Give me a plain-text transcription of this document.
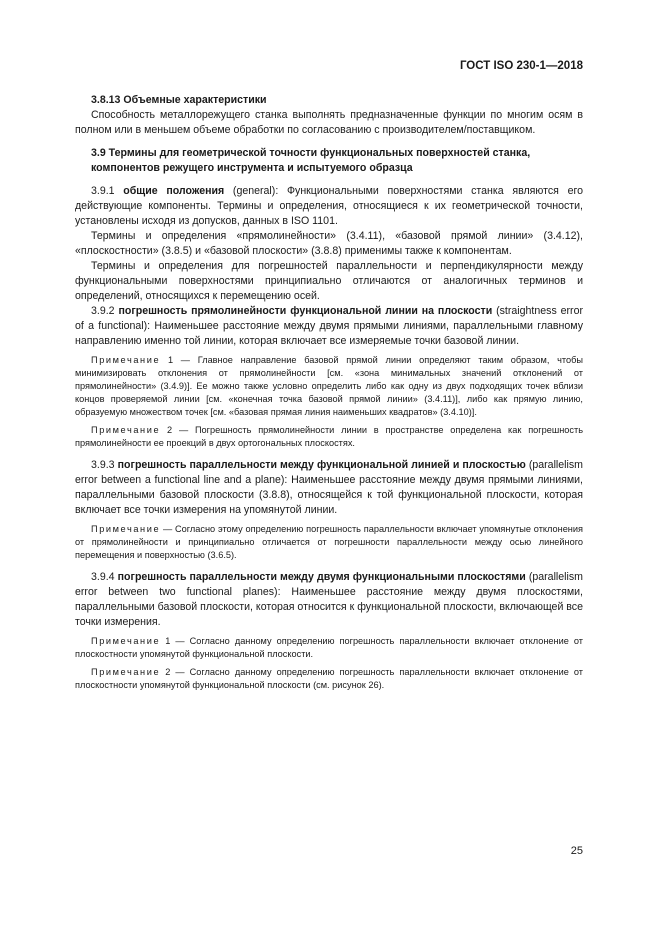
ГОСТ ISO 230-1—2018

3.8.13 Объемные характеристики

Способность металлорежущего станка выполнять предназначенные функции по многим осям в полном или в меньшем объеме обработки по согласованию с производителем/поставщиком.

3.9 Термины для геометрической точности функциональных поверхностей станка, компонентов режущего инструмента и испытуемого образца

3.9.1 общие положения (general): Функциональными поверхностями станка являются его действующие компоненты. Термины и определения, относящиеся к их геометрической точности, установлены исходя из допусков, данных в ISO 1101.

Термины и определения «прямолинейности» (3.4.11), «базовой прямой линии» (3.4.12), «плоскостности» (3.8.5) и «базовой плоскости» (3.8.8) применимы также к компонентам.

Термины и определения для погрешностей параллельности и перпендикулярности между функциональными поверхностями принципиально отличаются от аналогичных терминов и определений, относящихся к перемещению осей.

3.9.2 погрешность прямолинейности функциональной линии на плоскости (straightness error of a functional): Наименьшее расстояние между двумя прямыми линиями, параллельными главному направлению именно той линии, которая включает все измеряемые точки базовой линии.

Примечание 1 — Главное направление базовой прямой линии определяют таким образом, чтобы минимизировать отклонения от прямолинейности [см. «зона минимальных значений отклонений от прямолинейности» (3.4.9)]. Ее можно также условно определить либо как одну из двух подходящих точек вблизи концов проверяемой линии [см. «конечная точка базовой прямой линии» (3.4.11)], либо как прямую линию, образуемую множеством точек [см. «базовая прямая линия наименьших квадратов» (3.4.10)].

Примечание 2 — Погрешность прямолинейности линии в пространстве определена как погрешность прямолинейности ее проекций в двух ортогональных плоскостях.

3.9.3 погрешность параллельности между функциональной линией и плоскостью (parallelism error between a functional line and a plane): Наименьшее расстояние между двумя прямыми линиями, параллельными базовой плоскости (3.8.8), относящейся к той функциональной плоскости, которая включает все точки измерения на упомянутой линии.

Примечание — Согласно этому определению погрешность параллельности включает упомянутые отклонения от прямолинейности и принципиально отличается от погрешности параллельности между осью линейного перемещения и поверхностью (3.6.5).

3.9.4 погрешность параллельности между двумя функциональными плоскостями (parallelism error between two functional planes): Наименьшее расстояние между двумя плоскостями, параллельными базовой плоскости, которая относится к функциональной плоскости, включающей все точки измерения.

Примечание 1 — Согласно данному определению погрешность параллельности включает отклонение от плоскостности упомянутой функциональной плоскости.

Примечание 2 — Согласно данному определению погрешность параллельности включает отклонение от плоскостности упомянутой функциональной плоскости (см. рисунок 26).

25
